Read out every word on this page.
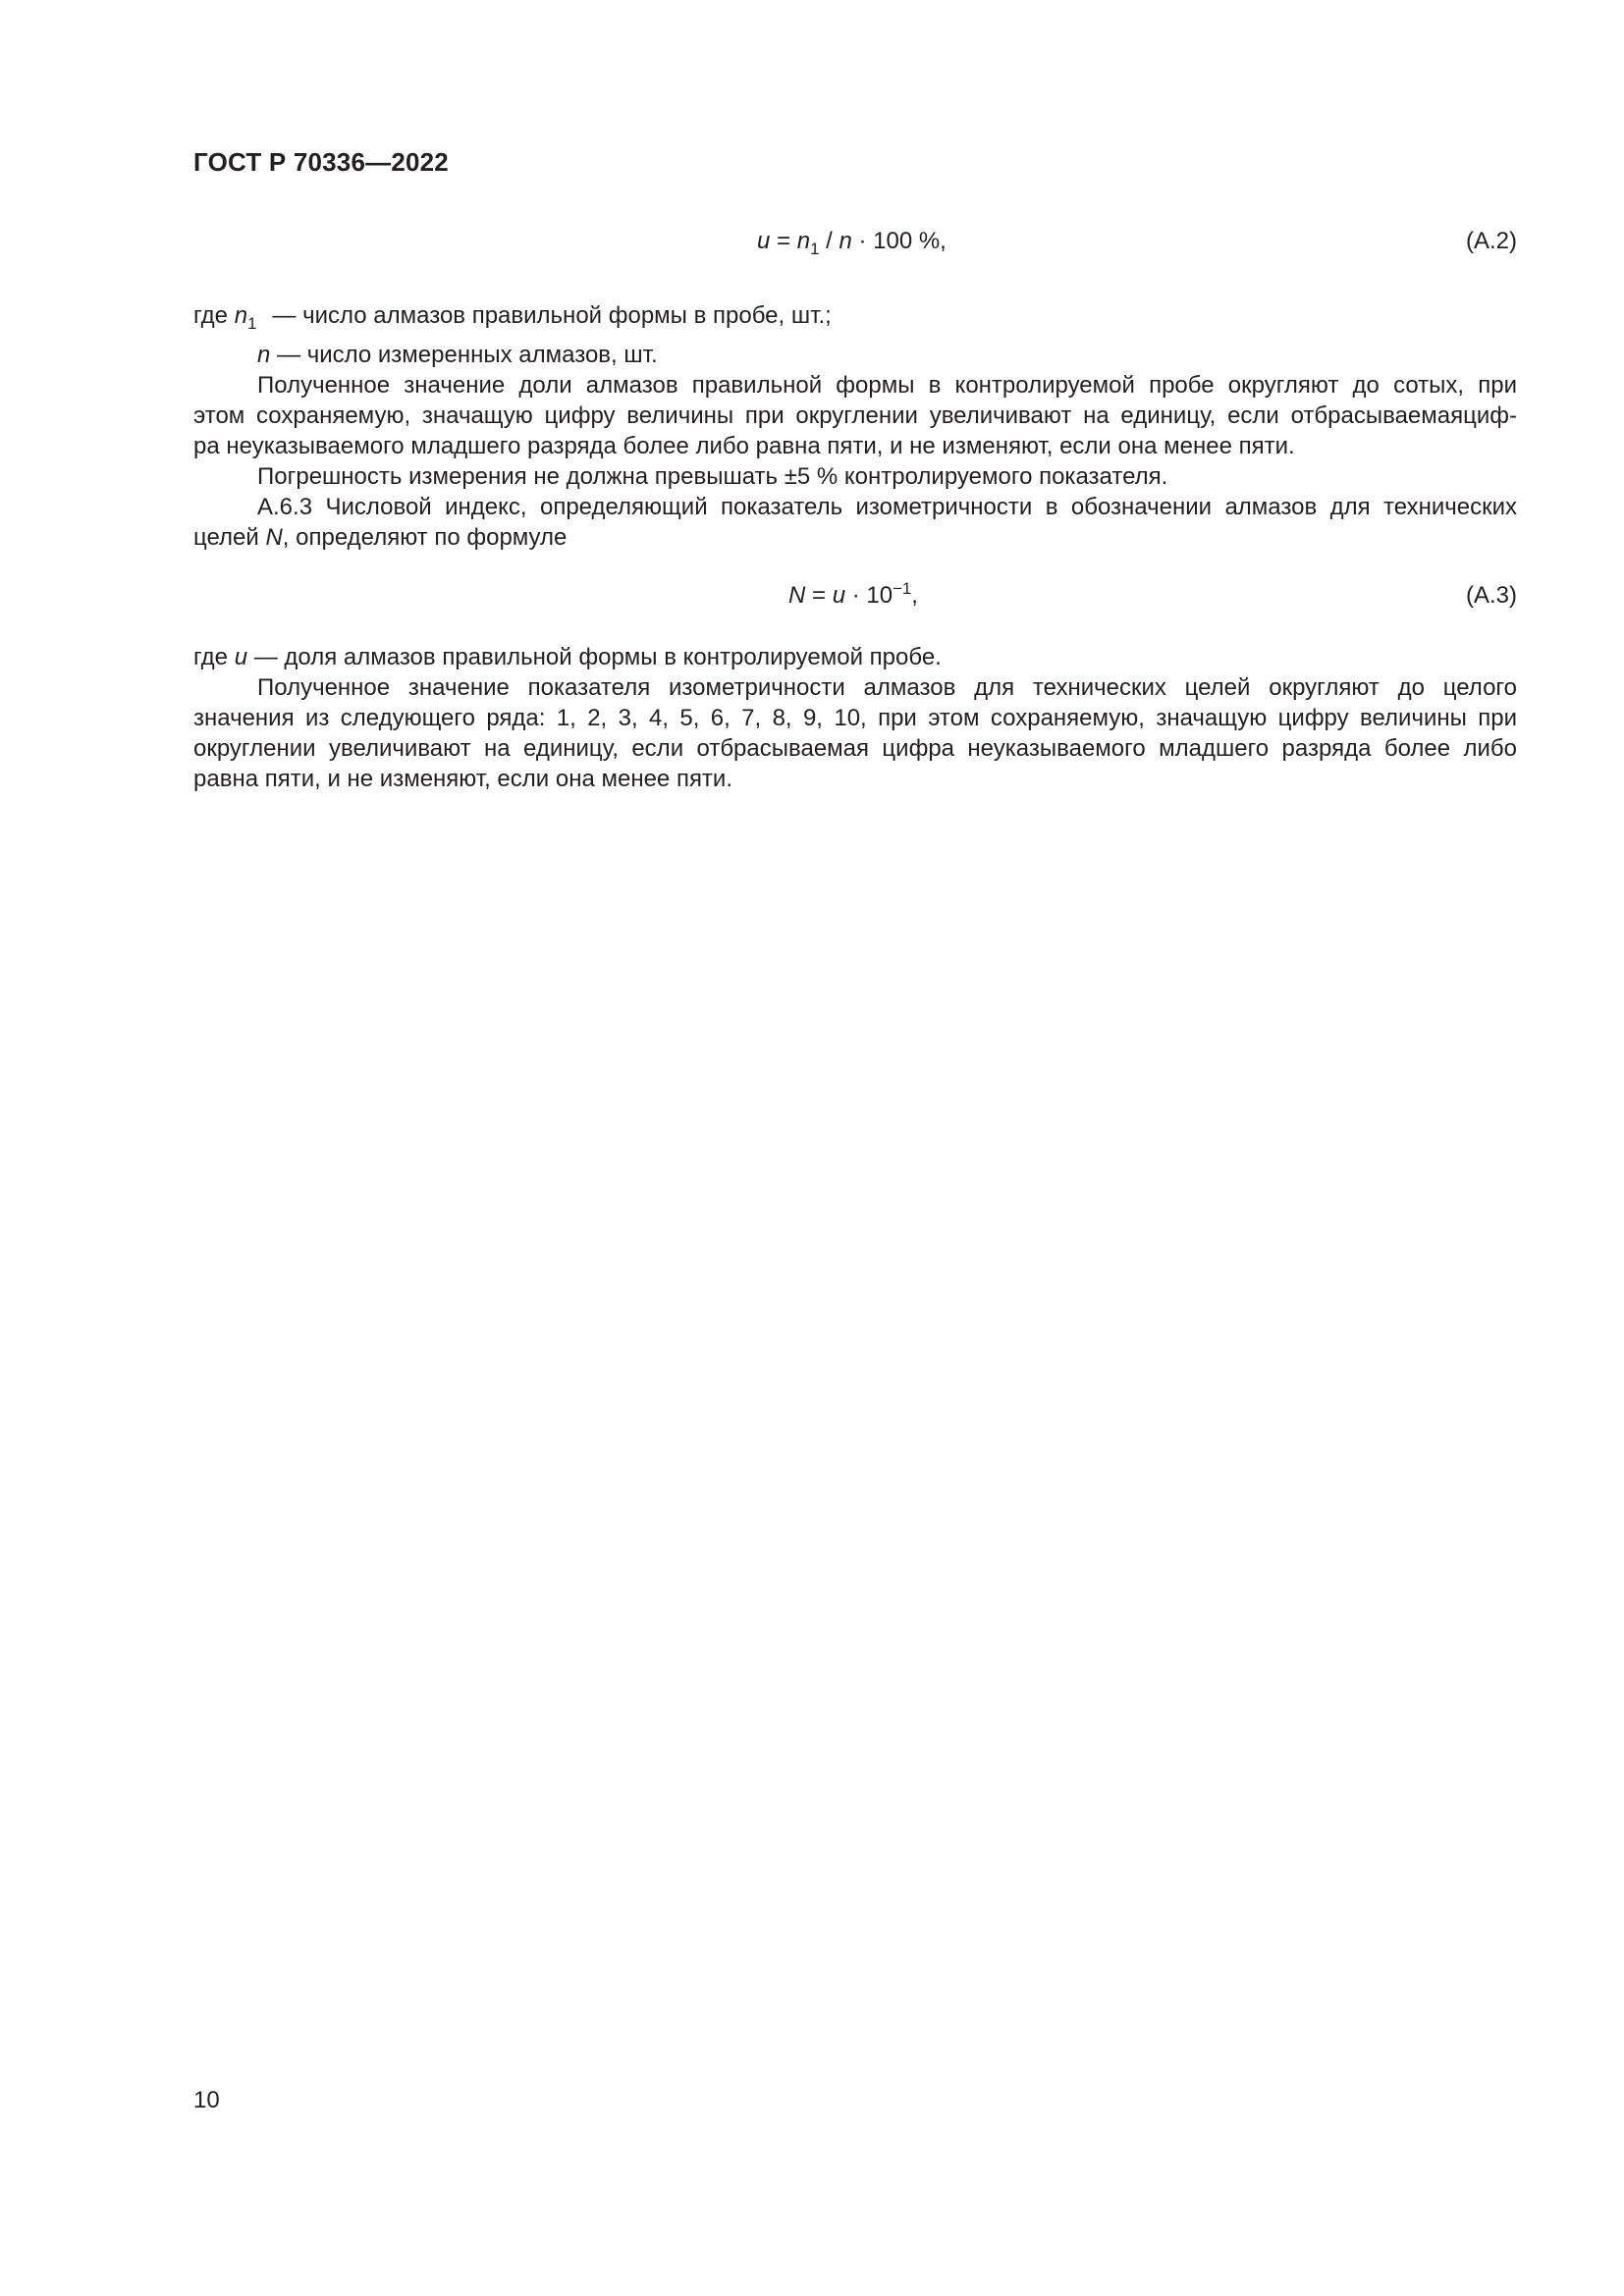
ГОСТ Р 70336—2022
$u = n_1 / n \cdot 100$ %,	(А.2)
где $n_1$ — число алмазов правильной формы в пробе, шт.;
n — число измеренных алмазов, шт.
Полученное значение доли алмазов правильной формы в контролируемой пробе округляют до сотых, при
этом сохраняемую, значащую цифру величины при округлении увеличивают на единицу, если отбрасываемаяциф-
ра неуказываемого младшего разряда более либо равна пяти, и не изменяют, если она менее пяти.
Погрешность измерения не должна превышать ±5 % контролируемого показателя.
А.6.3 Числовой индекс, определяющий показатель изометричности в обозначении алмазов для технических
целей N, определяют по формуле
$N = u \cdot 10^{-1}$,	(А.3)
где u — доля алмазов правильной формы в контролируемой пробе.
Полученное значение показателя изометричности алмазов для технических целей округляют до целого
значения из следующего ряда: 1, 2, 3, 4, 5, 6, 7, 8, 9, 10, при этом сохраняемую, значащую цифру величины при
округлении увеличивают на единицу, если отбрасываемая цифра неуказываемого младшего разряда более либо
равна пяти, и не изменяют, если она менее пяти.
10
